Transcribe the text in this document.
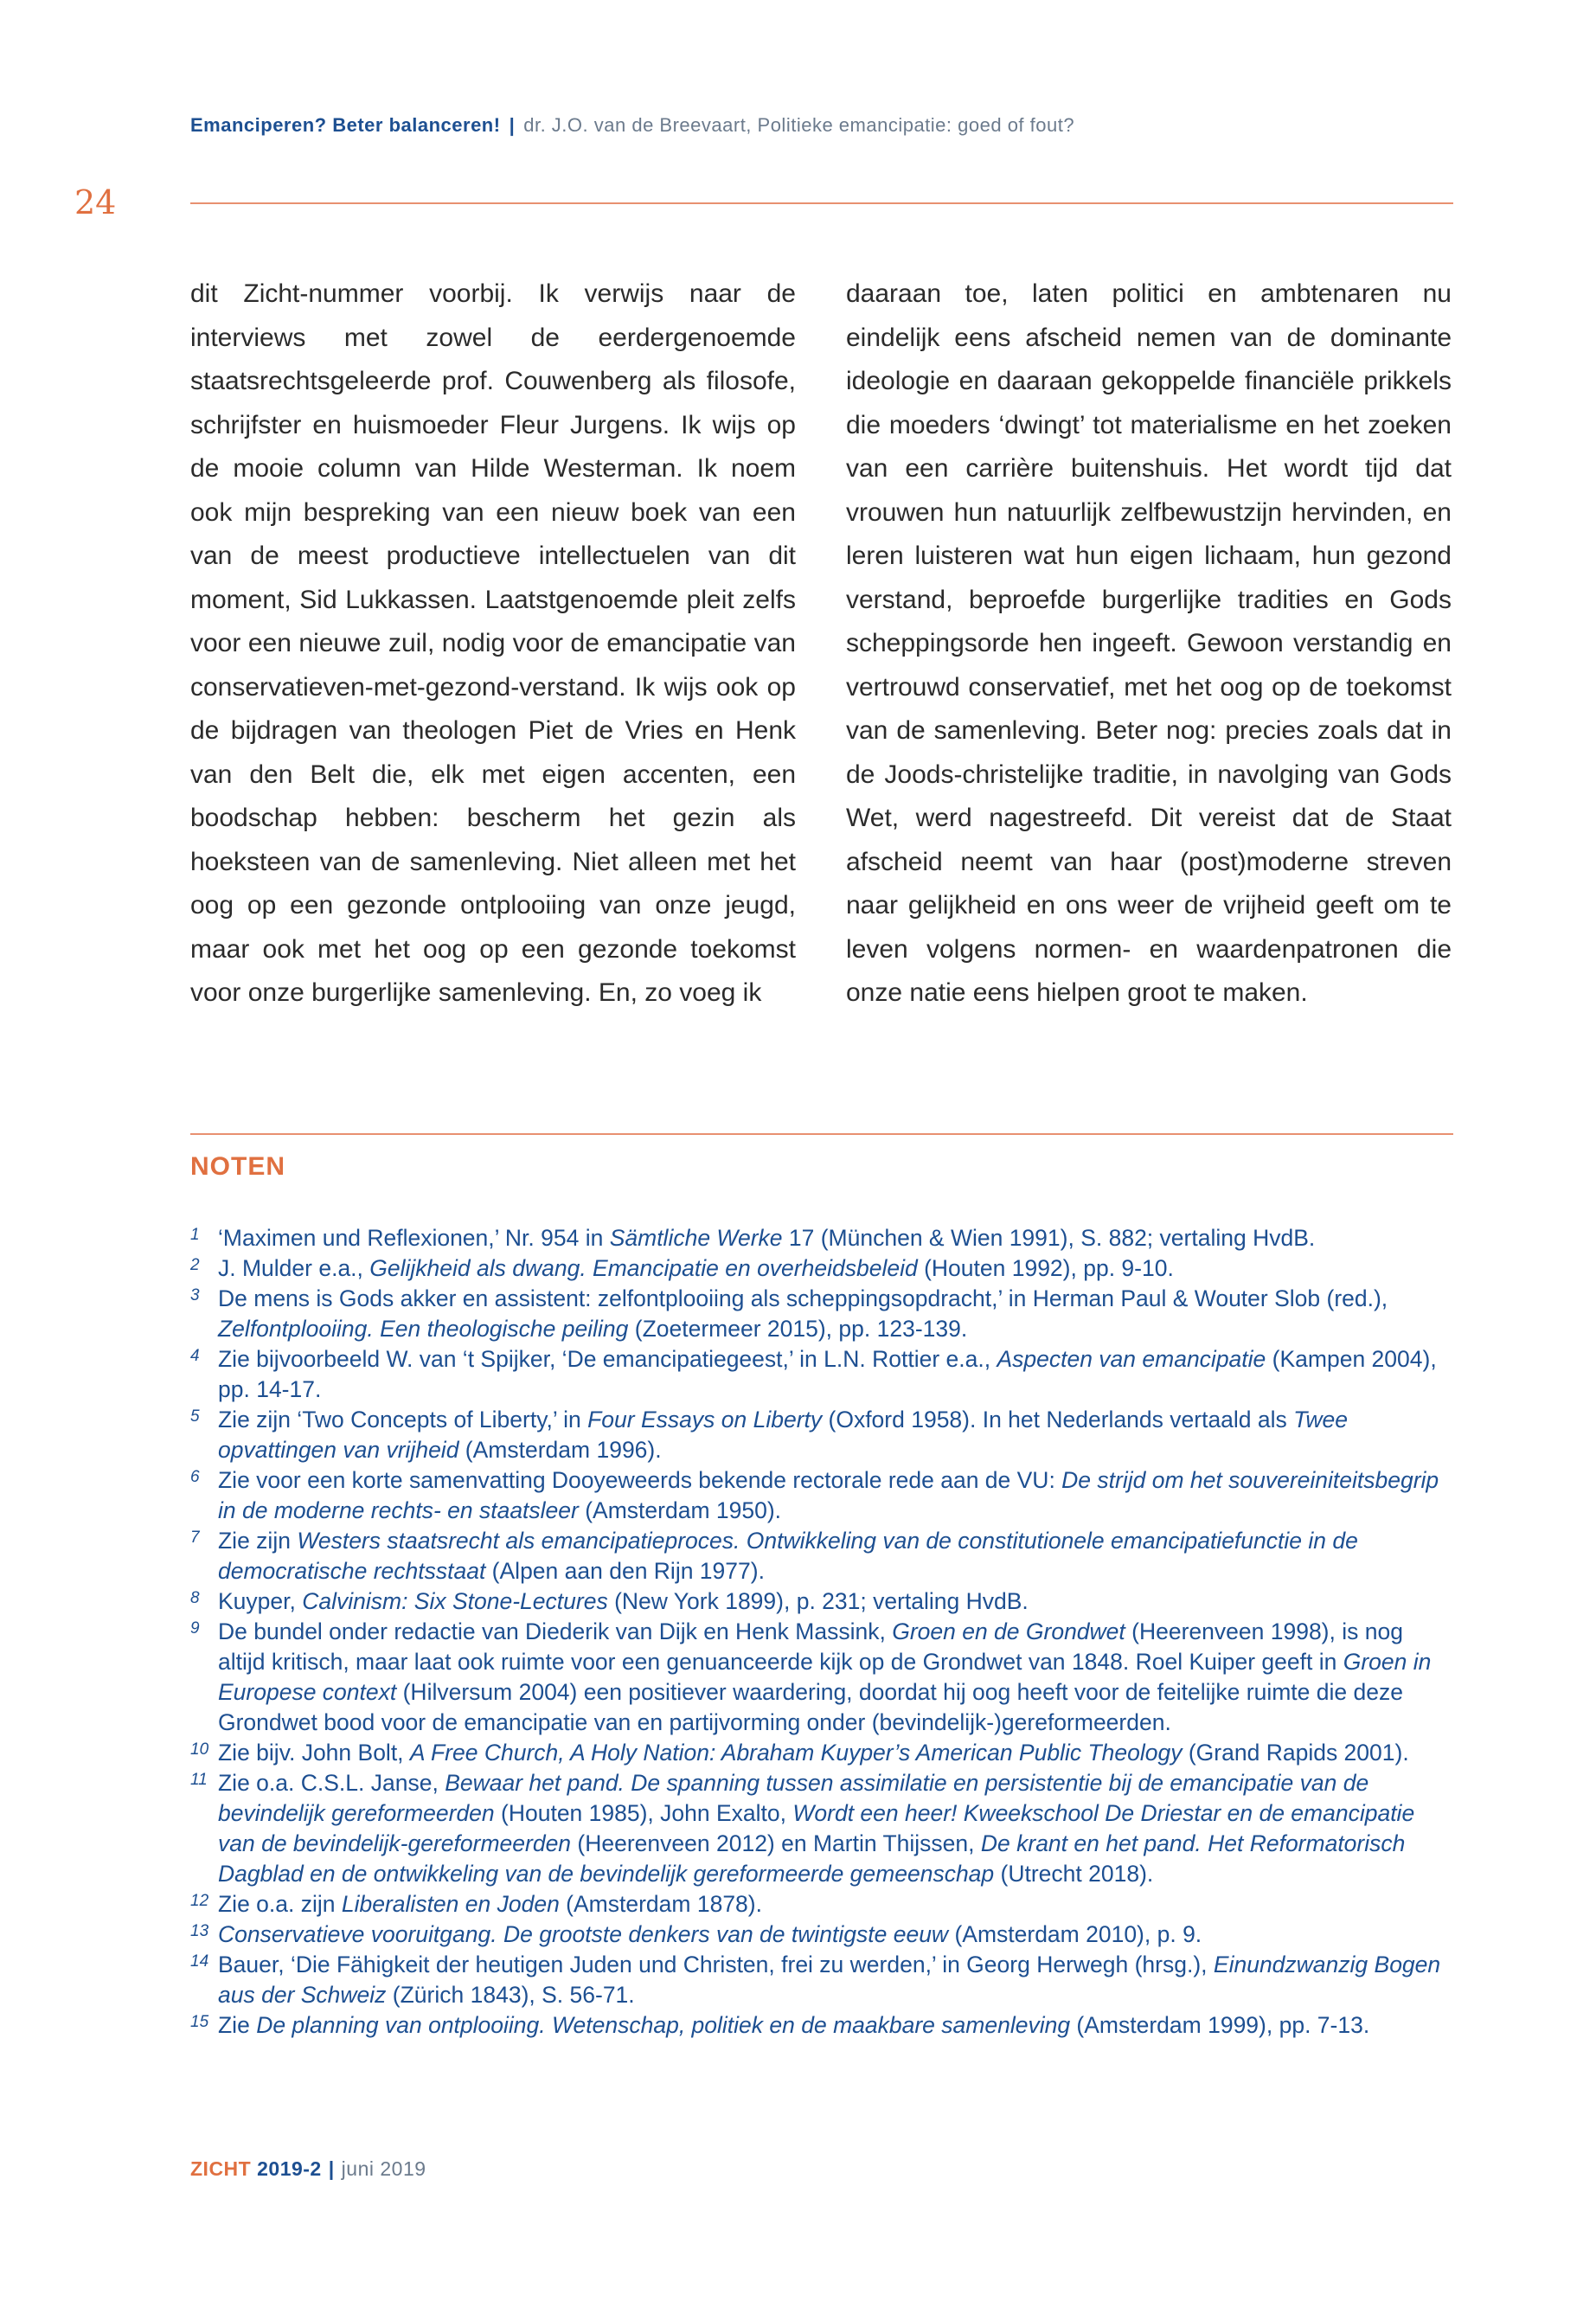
Emanciperen? Beter balanceren! | dr. J.O. van de Breevaart, Politieke emancipatie: goed of fout?
24

dit Zicht-nummer voorbij. Ik verwijs naar de interviews met zowel de eerdergenoemde staatsrechtsgeleerde prof. Couwenberg als filosofe, schrijfster en huismoeder Fleur Jurgens. Ik wijs op de mooie column van Hilde Westerman. Ik noem ook mijn bespreking van een nieuw boek van een van de meest productieve intellectuelen van dit moment, Sid Lukkassen. Laatstgenoemde pleit zelfs voor een nieuwe zuil, nodig voor de emancipatie van conservatieven-met-gezond-verstand. Ik wijs ook op de bijdragen van theologen Piet de Vries en Henk van den Belt die, elk met eigen accenten, een boodschap hebben: bescherm het gezin als hoeksteen van de samenleving. Niet alleen met het oog op een gezonde ontplooiing van onze jeugd, maar ook met het oog op een gezonde toekomst voor onze burgerlijke samenleving. En, zo voeg ik

daaraan toe, laten politici en ambtenaren nu eindelijk eens afscheid nemen van de dominante ideologie en daaraan gekoppelde financiële prikkels die moeders ‘dwingt’ tot materialisme en het zoeken van een carrière buitenshuis. Het wordt tijd dat vrouwen hun natuurlijk zelfbewustzijn hervinden, en leren luisteren wat hun eigen lichaam, hun gezond verstand, beproefde burgerlijke tradities en Gods scheppingsorde hen ingeeft. Gewoon verstandig en vertrouwd conservatief, met het oog op de toekomst van de samenleving. Beter nog: precies zoals dat in de Joods-christelijke traditie, in navolging van Gods Wet, werd nagestreefd. Dit vereist dat de Staat afscheid neemt van haar (post)moderne streven naar gelijkheid en ons weer de vrijheid geeft om te leven volgens normen- en waardenpatronen die onze natie eens hielpen groot te maken.

NOTEN
1 ‘Maximen und Reflexionen,’ Nr. 954 in Sämtliche Werke 17 (München & Wien 1991), S. 882; vertaling HvdB.
2 J. Mulder e.a., Gelijkheid als dwang. Emancipatie en overheidsbeleid (Houten 1992), pp. 9-10.
3 De mens is Gods akker en assistent: zelfontplooiing als scheppingsopdracht,’ in Herman Paul & Wouter Slob (red.), Zelfontplooiing. Een theologische peiling (Zoetermeer 2015), pp. 123-139.
4 Zie bijvoorbeeld W. van ‘t Spijker, ‘De emancipatiegeest,’ in L.N. Rottier e.a., Aspecten van emancipatie (Kampen 2004), pp. 14-17.
5 Zie zijn ‘Two Concepts of Liberty,’ in Four Essays on Liberty (Oxford 1958). In het Nederlands vertaald als Twee opvattingen van vrijheid (Amsterdam 1996).
6 Zie voor een korte samenvatting Dooyeweerds bekende rectorale rede aan de VU: De strijd om het souvereiniteitsbegrip in de moderne rechts- en staatsleer (Amsterdam 1950).
7 Zie zijn Westers staatsrecht als emancipatieproces. Ontwikkeling van de constitutionele emancipatiefunctie in de democratische rechtsstaat (Alpen aan den Rijn 1977).
8 Kuyper, Calvinism: Six Stone-Lectures (New York 1899), p. 231; vertaling HvdB.
9 De bundel onder redactie van Diederik van Dijk en Henk Massink, Groen en de Grondwet (Heerenveen 1998), is nog altijd kritisch, maar laat ook ruimte voor een genuanceerde kijk op de Grondwet van 1848. Roel Kuiper geeft in Groen in Europese context (Hilversum 2004) een positiever waardering, doordat hij oog heeft voor de feitelijke ruimte die deze Grondwet bood voor de emancipatie van en partijvorming onder (bevindelijk-)gereformeerden.
10 Zie bijv. John Bolt, A Free Church, A Holy Nation: Abraham Kuyper’s American Public Theology (Grand Rapids 2001).
11 Zie o.a. C.S.L. Janse, Bewaar het pand. De spanning tussen assimilatie en persistentie bij de emancipatie van de bevindelijk gereformeerden (Houten 1985), John Exalto, Wordt een heer! Kweekschool De Driestar en de emancipatie van de bevindelijk-gereformeerden (Heerenveen 2012) en Martin Thijssen, De krant en het pand. Het Reformatorisch Dagblad en de ontwikkeling van de bevindelijk gereformeerde gemeenschap (Utrecht 2018).
12 Zie o.a. zijn Liberalisten en Joden (Amsterdam 1878).
13 Conservatieve vooruitgang. De grootste denkers van de twintigste eeuw (Amsterdam 2010), p. 9.
14 Bauer, ‘Die Fähigkeit der heutigen Juden und Christen, frei zu werden,’ in Georg Herwegh (hrsg.), Einundzwanzig Bogen aus der Schweiz (Zürich 1843), S. 56-71.
15 Zie De planning van ontplooiing. Wetenschap, politiek en de maakbare samenleving (Amsterdam 1999), pp. 7-13.
ZICHT 2019-2 | juni 2019
